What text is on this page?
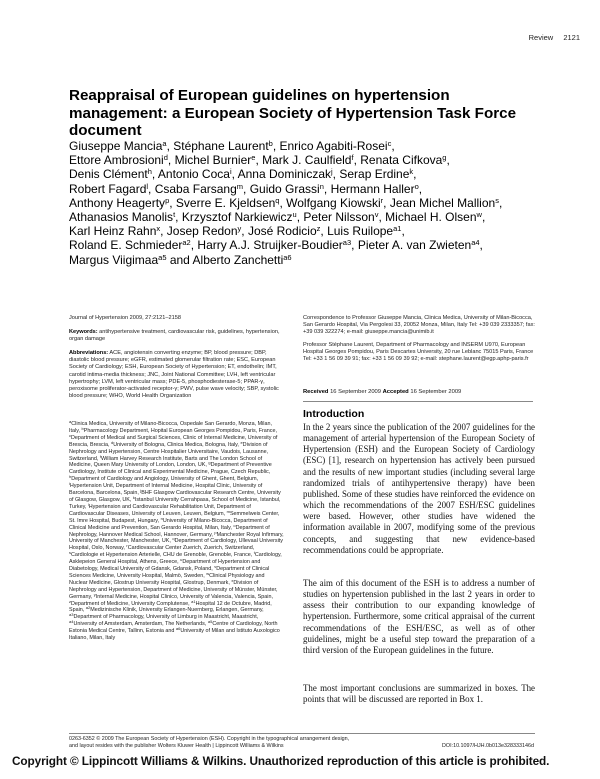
Review 2121
Reappraisal of European guidelines on hypertension management: a European Society of Hypertension Task Force document

Giuseppe Mancia$^a$, Stéphane Laurent$^b$, Enrico Agabiti-Rosei$^c$,

Ettore Ambrosioni$^d$, Michel Burnier$^e$, Mark J. Caulfield$^f$, Renata Cifkova$^g$,

Denis Clément$^h$, Antonio Coca$^i$, Anna Dominiczak$^j$, Serap Erdine$^k$,

Robert Fagard$^l$, Csaba Farsang$^m$, Guido Grassi$^n$, Hermann Haller$^o$,

Anthony Heagerty$^p$, Sverre E. Kjeldsen$^q$, Wolfgang Kiowski$^r$, Jean Michel Mallion$^s$,

Athanasios Manolis$^t$, Krzysztof Narkiewicz$^u$, Peter Nilsson$^v$, Michael H. Olsen$^w$,

Karl Heinz Rahn$^x$, Josep Redon$^y$, José Rodicio$^z$, Luis Ruilope$^{a1}$,

Roland E. Schmieder$^{a2}$, Harry A.J. Struijker-Boudier$^{a3}$, Pieter A. van Zwieten$^{a4}$,

Margus Viigimaa$^{a5}$ and Alberto Zanchetti$^{a6}$

Journal of Hypertension 2009, 27:2121–2158
Keywords: antihypertensive treatment, cardiovascular risk, guidelines, hypertension, organ damage
Abbreviations: ACE, angiotensin converting enzyme; BP, blood pressure; DBP, diastolic blood pressure; eGFR, estimated glomerular filtration rate; ESC, European Society of Cardiology; ESH, European Society of Hypertension; ET, endothelin; IMT, carotid intima-media thickness; JNC, Joint National Committee; LVH, left ventricular hypertrophy; LVM, left ventricular mass; PDE-5, phosphodiesterase-5; PPAR-γ, peroxisome proliferator-activated receptor-γ; PWV, pulse wave velocity; SBP, systolic blood pressure; WHO, World Health Organization
$^a$Clinica Medica, University of Milano-Bicocca, Ospedale San Gerardo, Monza, Milan, Italy, $^b$Pharmacology Department, Hopital European Georges Pompidou, Paris, France, $^c$Department of Medical and Surgical Sciences, Clinic of Internal Medicine, University of Brescia, Brescia, $^d$University of Bologna, Clinica Medica, Bologna, Italy, $^e$Division of Nephrology and Hypertension, Centre Hospitalier Universitaire, Vaudois, Lausanne, Switzerland, $^f$William Harvey Research Institute, Barts and The London School of Medicine, Queen Mary University of London, London, UK, $^g$Department of Preventive Cardiology, Institute of Clinical and Experimental Medicine, Prague, Czech Republic, $^h$Department of Cardiology and Angiology, University of Ghent, Ghent, Belgium, $^i$Hypertension Unit, Department of Internal Medicine, Hospital Clinic, University of Barcelona, Barcelona, Spain, $^j$BHF Glasgow Cardiovascular Research Centre, University of Glasgow, Glasgow, UK, $^k$Istanbul University Cerrahpasa, School of Medicine, Istanbul, Turkey, $^l$Hypertension and Cardiovascular Rehabilitation Unit, Department of Cardiovascular Diseases, University of Leuven, Leuven, Belgium, $^m$Semmelweis Center, St. Imre Hospital, Budapest, Hungary, $^n$University of Milano-Bicocca, Department of Clinical Medicine and Prevention, San Gerardo Hospital, Milan, Italy, $^o$Department of Nephrology, Hannover Medical School, Hannover, Germany, $^p$Manchester Royal Infirmary, University of Manchester, Manchester, UK, $^q$Department of Cardiology, Ullevaal University Hospital, Oslo, Norway, $^r$Cardiovascular Center Zuerich, Zuerich, Switzerland, $^s$Cardiologie et Hypertension Arterielle, CHU de Grenoble, Grenoble, France, $^t$Cardiology, Asklepeion General Hospital, Athens, Greece, $^u$Department of Hypertension and Diabetology, Medical University of Gdansk, Gdansk, Poland, $^v$Department of Clinical Sciences Medicine, University Hospital, Malmö, Sweden, $^w$Clinical Physiology and Nuclear Medicine, Glostrup University Hospital, Glostrup, Denmark, $^x$Division of Nephrology and Hypertension, Department of Medicine, University of Münster, Münster, Germany, $^y$Internal Medicine, Hospital Clinico, University of Valencia, Valencia, Spain, $^z$Department of Medicine, University Complutense, $^{a1}$Hospital 12 de Octubre, Madrid, Spain, $^{a2}$Medizinische Klinik, University Erlangen-Nuernberg, Erlangen, Germany, $^{a3}$Department of Pharmacology, University of Limburg in Maastricht, Maastricht, $^{a4}$University of Amsterdam, Amsterdam, The Netherlands, $^{a5}$Centre of Cardiology, North Estonia Medical Centre, Tallinn, Estonia and $^{a6}$University of Milan and Istituto Auxologico Italiano, Milan, Italy

Correspondence to Professor Giuseppe Mancia, Clinica Medica, University of Milan-Bicocca, San Gerardo Hospital, Via Pergolesi 33, 20052 Monza, Milan, Italy Tel: +39 039 2333357; fax: +39 039 322274; e-mail: giuseppe.mancia@unimib.it

Professor Stéphane Laurent, Department of Pharmacology and INSERM U970, European Hospital Georges Pompidou, Paris Descartes University, 20 rue Leblanc 75015 Paris, France Tel: +33 1 56 09 39 91; fax: +33 1 56 09 39 92; e-mail: stephane.laurent@egp.aphp-paris.fr

Received 16 September 2009 Accepted 16 September 2009
Introduction

In the 2 years since the publication of the 2007 guidelines for the management of arterial hypertension of the European Society of Hypertension (ESH) and the European Society of Cardiology (ESC) [1], research on hypertension has actively been pursued and the results of new important studies (including several large randomized trials of antihypertensive therapy) have been published. Some of these studies have reinforced the evidence on which the recommendations of the 2007 ESH/ESC guidelines were based. However, other studies have widened the information available in 2007, modifying some of the previous concepts, and suggesting that new evidence-based recommendations could be appropriate.

The aim of this document of the ESH is to address a number of studies on hypertension published in the last 2 years in order to assess their contribution to our expanding knowledge of hypertension. Furthermore, some critical appraisal of the current recommendations of the ESH/ESC, as well as of other guidelines, might be a useful step toward the preparation of a third version of the European guidelines in the future.

The most important conclusions are summarized in boxes. The points that will be discussed are reported in Box 1.

0263-6352 © 2009 The European Society of Hypertension (ESH). Copyright in the typographical arrangement design,
and layout resides with the publisher Wolters Kluwer Health | Lippincott Williams & Wilkins	DOI:10.1097/HJH.0b013e328333146d
Copyright © Lippincott Williams & Wilkins. Unauthorized reproduction of this article is prohibited.
